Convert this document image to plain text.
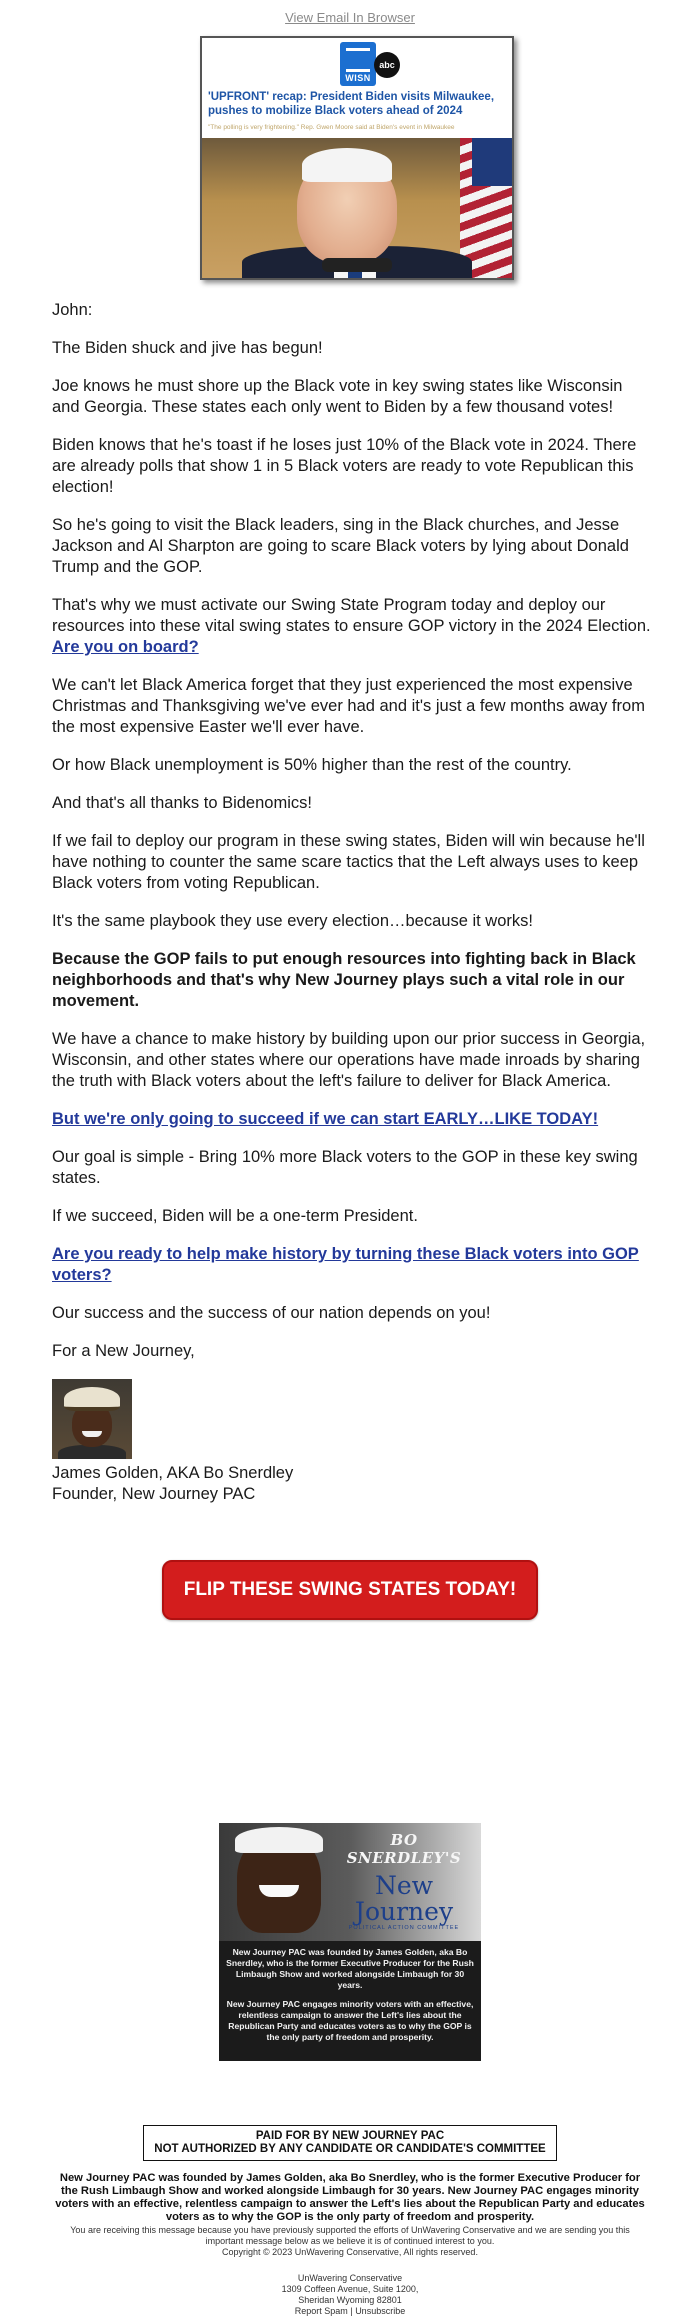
View Email In Browser
WISN
abc
'UPFRONT' recap: President Biden visits Milwaukee, pushes to mobilize Black voters ahead of 2024
"The polling is very frightening." Rep. Gwen Moore said at Biden's event in Milwaukee

John:

The Biden shuck and jive has begun!

Joe knows he must shore up the Black vote in key swing states like Wisconsin and Georgia. These states each only went to Biden by a few thousand votes!

Biden knows that he's toast if he loses just 10% of the Black vote in 2024. There are already polls that show 1 in 5 Black voters are ready to vote Republican this election!

So he's going to visit the Black leaders, sing in the Black churches, and Jesse Jackson and Al Sharpton are going to scare Black voters by lying about Donald Trump and the GOP.

That's why we must activate our Swing State Program today and deploy our resources into these vital swing states to ensure GOP victory in the 2024 Election. Are you on board?

We can't let Black America forget that they just experienced the most expensive Christmas and Thanksgiving we've ever had and it's just a few months away from the most expensive Easter we'll ever have.

Or how Black unemployment is 50% higher than the rest of the country.

And that's all thanks to Bidenomics!

If we fail to deploy our program in these swing states, Biden will win because he'll have nothing to counter the same scare tactics that the Left always uses to keep Black voters from voting Republican.

It's the same playbook they use every election…because it works!

Because the GOP fails to put enough resources into fighting back in Black neighborhoods and that's why New Journey plays such a vital role in our movement.

We have a chance to make history by building upon our prior success in Georgia, Wisconsin, and other states where our operations have made inroads by sharing the truth with Black voters about the left's failure to deliver for Black America.

But we're only going to succeed if we can start EARLY…LIKE TODAY!

Our goal is simple - Bring 10% more Black voters to the GOP in these key swing states.

If we succeed, Biden will be a one-term President.

Are you ready to help make history by turning these Black voters into GOP voters?

Our success and the success of our nation depends on you!

For a New Journey,

James Golden, AKA Bo Snerdley
Founder, New Journey PAC
FLIP THESE SWING STATES TODAY!
BO SNERDLEY'S
New Journey
POLITICAL ACTION COMMITTEE

New Journey PAC was founded by James Golden, aka Bo Snerdley, who is the former Executive Producer for the Rush Limbaugh Show and worked alongside Limbaugh for 30 years.

New Journey PAC engages minority voters with an effective, relentless campaign to answer the Left's lies about the Republican Party and educates voters as to why the GOP is the only party of freedom and prosperity.

PAID FOR BY NEW JOURNEY PAC
NOT AUTHORIZED BY ANY CANDIDATE OR CANDIDATE'S COMMITTEE
New Journey PAC was founded by James Golden, aka Bo Snerdley, who is the former Executive Producer for the Rush Limbaugh Show and worked alongside Limbaugh for 30 years. New Journey PAC engages minority voters with an effective, relentless campaign to answer the Left's lies about the Republican Party and educates voters as to why the GOP is the only party of freedom and prosperity.
You are receiving this message because you have previously supported the efforts of UnWavering Conservative and we are sending you this important message below as we believe it is of continued interest to you.
Copyright © 2023 UnWavering Conservative, All rights reserved.
UnWavering Conservative
1309 Coffeen Avenue, Suite 1200,
Sheridan Wyoming 82801
Report Spam | Unsubscribe
